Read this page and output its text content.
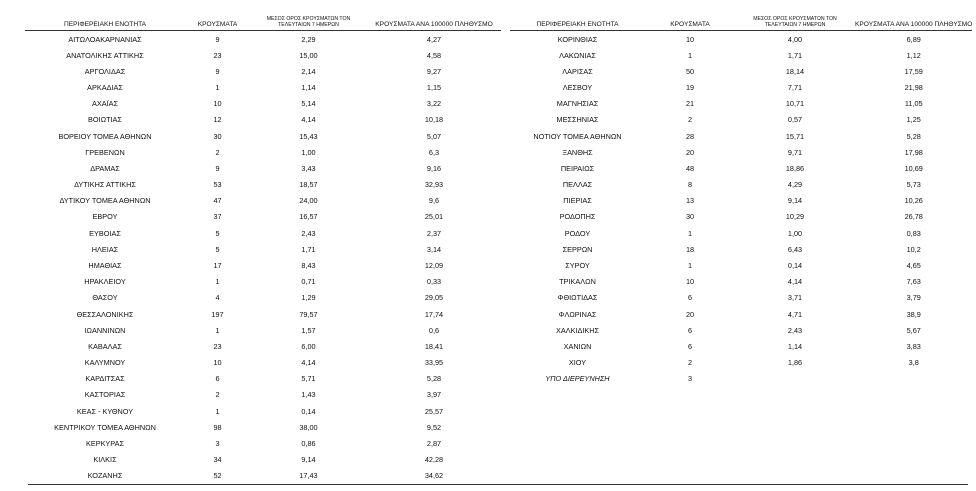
ΠΕΡΙΦΕΡΕΙΑΚΗ ΕΝΟΤΗΤΑ	ΚΡΟΥΣΜΑΤΑ	ΜΕΣΟΣ ΟΡΟΣ ΚΡΟΥΣΜΑΤΩΝ ΤΟΝ
ΤΕΛΕΥΤΑΙΩΝ 7 ΗΜΕΡΩΝ	ΚΡΟΥΣΜΑΤΑ ΑΝΑ 100000 ΠΛΗΘΥΣΜΟ
ΑΙΤΩΛΟΑΚΑΡΝΑΝΙΑΣ	9	2,29	4,27
ΑΝΑΤΟΛΙΚΗΣ ΑΤΤΙΚΗΣ	23	15,00	4,58
ΑΡΓΟΛΙΔΑΣ	9	2,14	9,27
ΑΡΚΑΔΙΑΣ	1	1,14	1,15
ΑΧΑΪΑΣ	10	5,14	3,22
ΒΟΙΩΤΙΑΣ	12	4,14	10,18
ΒΟΡΕΙΟΥ ΤΟΜΕΑ ΑΘΗΝΩΝ	30	15,43	5,07
ΓΡΕΒΕΝΩΝ	2	1,00	6,3
ΔΡΑΜΑΣ	9	3,43	9,16
ΔΥΤΙΚΗΣ ΑΤΤΙΚΗΣ	53	18,57	32,93
ΔΥΤΙΚΟΥ ΤΟΜΕΑ ΑΘΗΝΩΝ	47	24,00	9,6
ΕΒΡΟΥ	37	16,57	25,01
ΕΥΒΟΙΑΣ	5	2,43	2,37
ΗΛΕΙΑΣ	5	1,71	3,14
ΗΜΑΘΙΑΣ	17	8,43	12,09
ΗΡΑΚΛΕΙΟΥ	1	0,71	0,33
ΘΑΣΟΥ	4	1,29	29,05
ΘΕΣΣΑΛΟΝΙΚΗΣ	197	79,57	17,74
ΙΩΑΝΝΙΝΩΝ	1	1,57	0,6
ΚΑΒΑΛΑΣ	23	6,00	18,41
ΚΑΛΥΜΝΟΥ	10	4,14	33,95
ΚΑΡΔΙΤΣΑΣ	6	5,71	5,28
ΚΑΣΤΟΡΙΑΣ	2	1,43	3,97
ΚΕΑΣ - ΚΥΘΝΟΥ	1	0,14	25,57
ΚΕΝΤΡΙΚΟΥ ΤΟΜΕΑ ΑΘΗΝΩΝ	98	38,00	9,52
ΚΕΡΚΥΡΑΣ	3	0,86	2,87
ΚΙΛΚΙΣ	34	9,14	42,28
ΚΟΖΑΝΗΣ	52	17,43	34,62
ΠΕΡΙΦΕΡΕΙΑΚΗ ΕΝΟΤΗΤΑ	ΚΡΟΥΣΜΑΤΑ	ΜΕΣΟΣ ΟΡΟΣ ΚΡΟΥΣΜΑΤΩΝ ΤΟΝ
ΤΕΛΕΥΤΑΙΩΝ 7 ΗΜΕΡΩΝ	ΚΡΟΥΣΜΑΤΑ ΑΝΑ 100000 ΠΛΗΘΥΣΜΟ
ΚΟΡΙΝΘΙΑΣ	10	4,00	6,89
ΛΑΚΩΝΙΑΣ	1	1,71	1,12
ΛΑΡΙΣΑΣ	50	18,14	17,59
ΛΕΣΒΟΥ	19	7,71	21,98
ΜΑΓΝΗΣΙΑΣ	21	10,71	11,05
ΜΕΣΣΗΝΙΑΣ	2	0,57	1,25
ΝΟΤΙΟΥ ΤΟΜΕΑ ΑΘΗΝΩΝ	28	15,71	5,28
ΞΑΝΘΗΣ	20	9,71	17,98
ΠΕΙΡΑΙΩΣ	48	18,86	10,69
ΠΕΛΛΑΣ	8	4,29	5,73
ΠΙΕΡΙΑΣ	13	9,14	10,26
ΡΟΔΟΠΗΣ	30	10,29	26,78
ΡΟΔΟΥ	1	1,00	0,83
ΣΕΡΡΩΝ	18	6,43	10,2
ΣΥΡΟΥ	1	0,14	4,65
ΤΡΙΚΑΛΩΝ	10	4,14	7,63
ΦΘΙΩΤΙΔΑΣ	6	3,71	3,79
ΦΛΩΡΙΝΑΣ	20	4,71	38,9
ΧΑΛΚΙΔΙΚΗΣ	6	2,43	5,67
ΧΑΝΙΩΝ	6	1,14	3,83
ΧΙΟΥ	2	1,86	3,8
ΥΠΟ ΔΙΕΡΕΥΝΗΣΗ	3		
